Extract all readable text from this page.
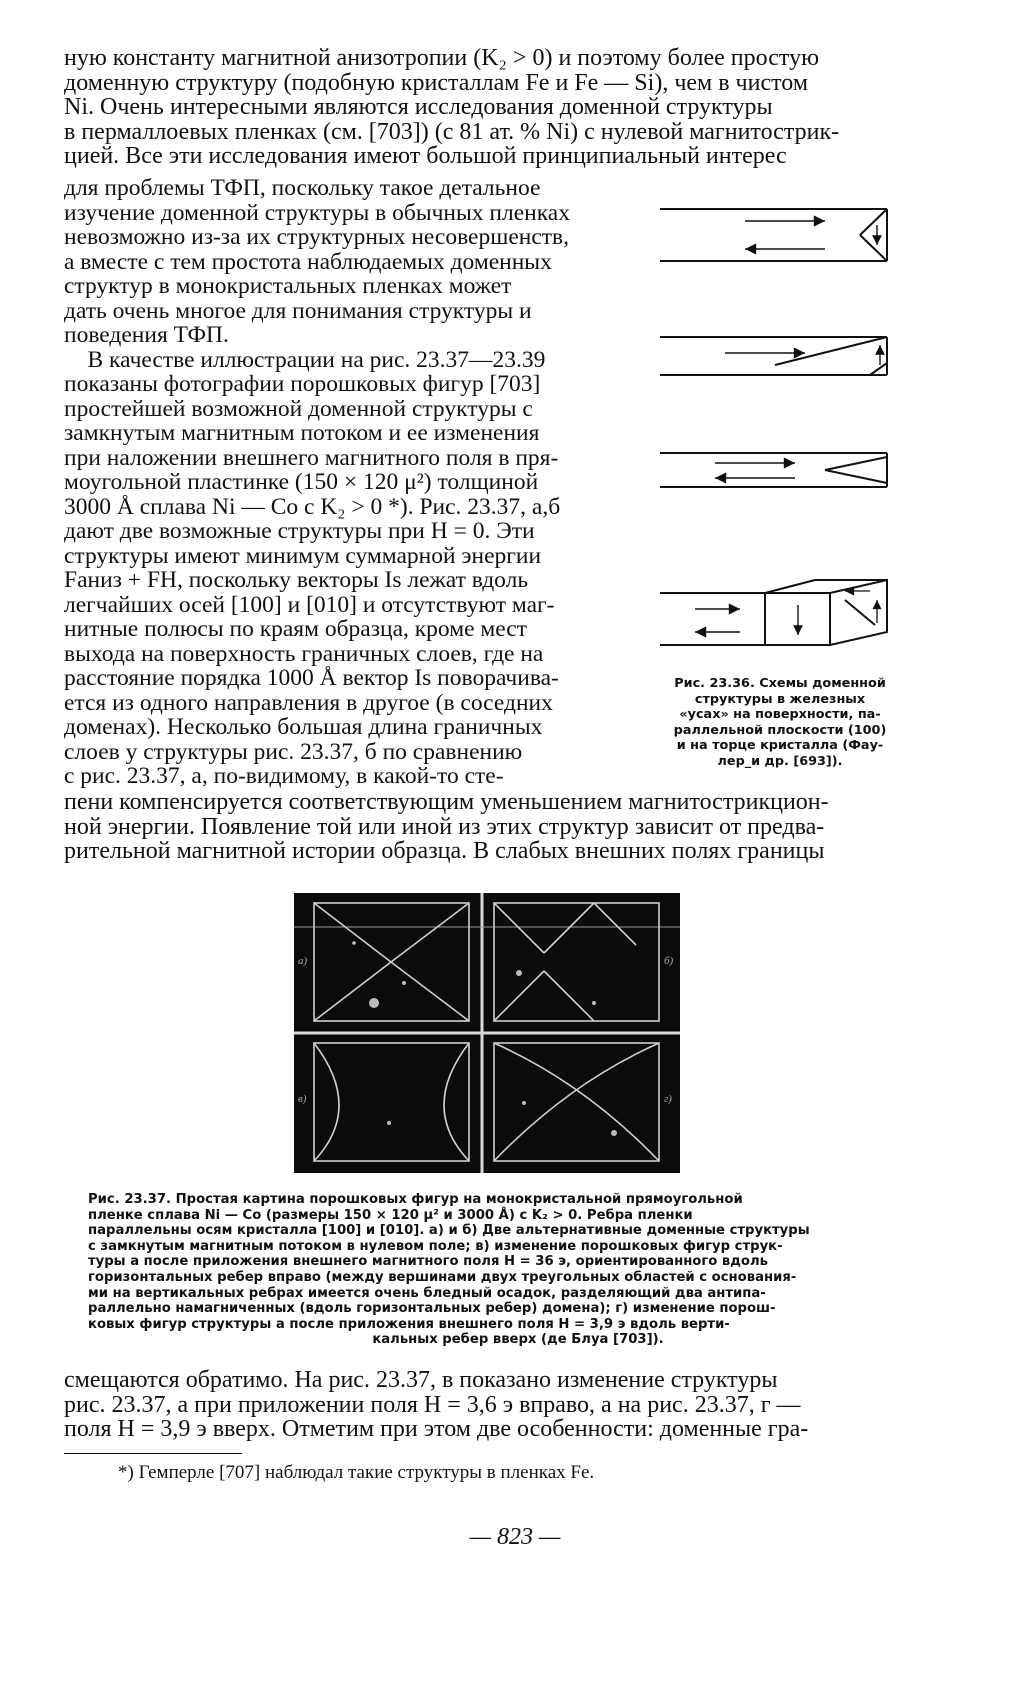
ную константу магнитной анизотропии (K₂ > 0) и поэтому более простую
доменную структуру (подобную кристаллам Fe и Fe — Si), чем в чистом
Ni. Очень интересными являются исследования доменной структуры
в пермаллоевых пленках (см. [703]) (с 81 ат. % Ni) с нулевой магнитострик-
цией. Все эти исследования имеют большой принципиальный интерес
для проблемы ТФП, поскольку такое детальное
изучение доменной структуры в обычных пленках
невозможно из-за их структурных несовершенств,
а вместе с тем простота наблюдаемых доменных
структур в монокристальных пленках может
дать очень многое для понимания структуры и
поведения ТФП.
В качестве иллюстрации на рис. 23.37—23.39
показаны фотографии порошковых фигур [703]
простейшей возможной доменной структуры с
замкнутым магнитным потоком и ее изменения
при наложении внешнего магнитного поля в пря-
моугольной пластинке (150 × 120 μ²) толщиной
3000 Å сплава Ni — Co с K₂ > 0 *). Рис. 23.37, а,б
дают две возможные структуры при H = 0. Эти
структуры имеют минимум суммарной энергии
Fаниз + FH, поскольку векторы Is лежат вдоль
легчайших осей [100] и [010] и отсутствуют маг-
нитные полюсы по краям образца, кроме мест
выхода на поверхность граничных слоев, где на
расстояние порядка 1000 Å вектор Is поворачива-
ется из одного направления в другое (в соседних
доменах). Несколько большая длина граничных
слоев у структуры рис. 23.37, б по сравнению
с рис. 23.37, а, по-видимому, в какой-то сте-
Рис. 23.36. Схемы доменной
структуры в железных
«усах» на поверхности, па-
раллельной плоскости (100)
и на торце кристалла (Фау-
лер_и др. [693]).
пени компенсируется соответствующим уменьшением магнитострикцион-
ной энергии. Появление той или иной из этих структур зависит от предва-
рительной магнитной истории образца. В слабых внешних полях границы
а)	б)
в)	г)
Рис. 23.37. Простая картина порошковых фигур на монокристальной прямоугольной
пленке сплава Ni — Co (размеры 150 × 120 μ² и 3000 Å) с K₂ > 0. Ребра пленки
параллельны осям кристалла [100] и [010]. а) и б) Две альтернативные доменные структуры
с замкнутым магнитным потоком в нулевом поле; в) изменение порошковых фигур струк-
туры а после приложения внешнего магнитного поля H = 36 э, ориентированного вдоль
горизонтальных ребер вправо (между вершинами двух треугольных областей с основания-
ми на вертикальных ребрах имеется очень бледный осадок, разделяющий два антипа-
раллельно намагниченных (вдоль горизонтальных ребер) домена); г) изменение порош-
ковых фигур структуры а после приложения внешнего поля H = 3,9 э вдоль верти-
кальных ребер вверх (де Блуа [703]).
смещаются обратимо. На рис. 23.37, в показано изменение структуры
рис. 23.37, а при приложении поля H = 3,6 э вправо, а на рис. 23.37, г —
поля H = 3,9 э вверх. Отметим при этом две особенности: доменные гра-
*) Гемперле [707] наблюдал такие структуры в пленках Fe.
— 823 —
